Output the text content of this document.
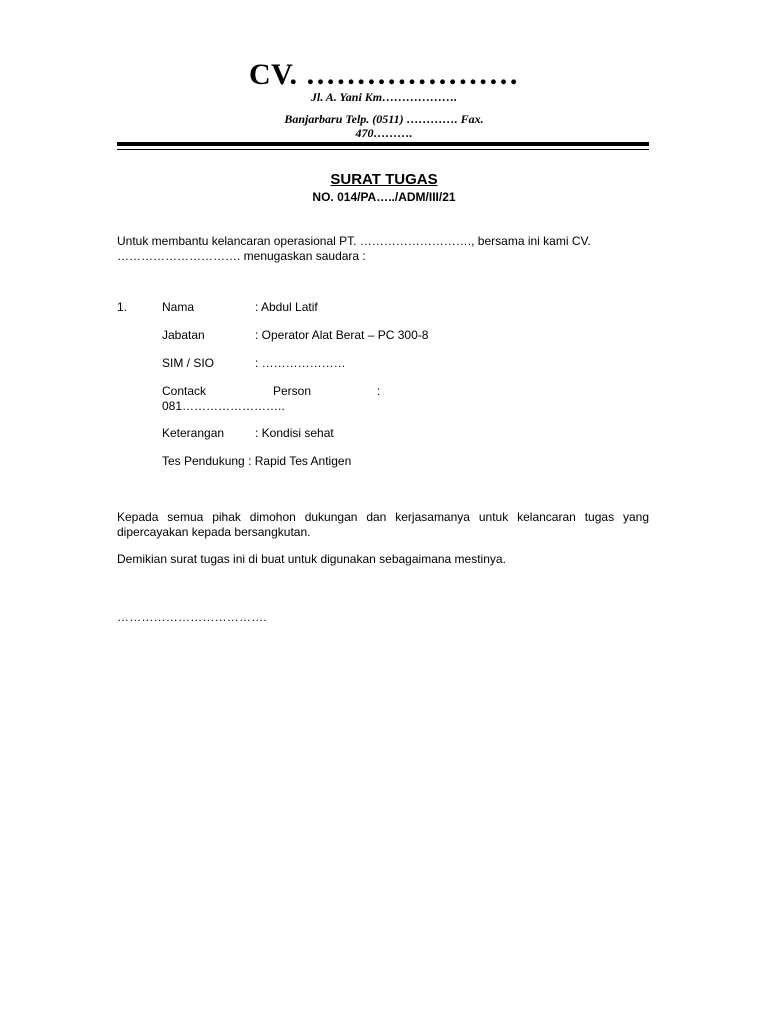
CV. …………………
Jl. A. Yani Km……………….
Banjarbaru Telp. (0511) …………. Fax.
470……….
SURAT TUGAS
NO. 014/PA…../ADM/III/21
Untuk membantu kelancaran operasional PT. ………………………., bersama ini kami CV.
…………………………. menugaskan saudara :
1.	Nama	: Abdul Latif
Jabatan	: Operator Alat Berat – PC 300-8
SIM / SIO	: …………………
Contack	Person	:
081……………………..
Keterangan	: Kondisi sehat
Tes Pendukung : Rapid Tes Antigen
Kepada semua pihak dimohon dukungan dan kerjasamanya untuk kelancaran tugas yang dipercayakan kepada bersangkutan.
Demikian surat tugas ini di buat untuk digunakan sebagaimana mestinya.
……………………………….
